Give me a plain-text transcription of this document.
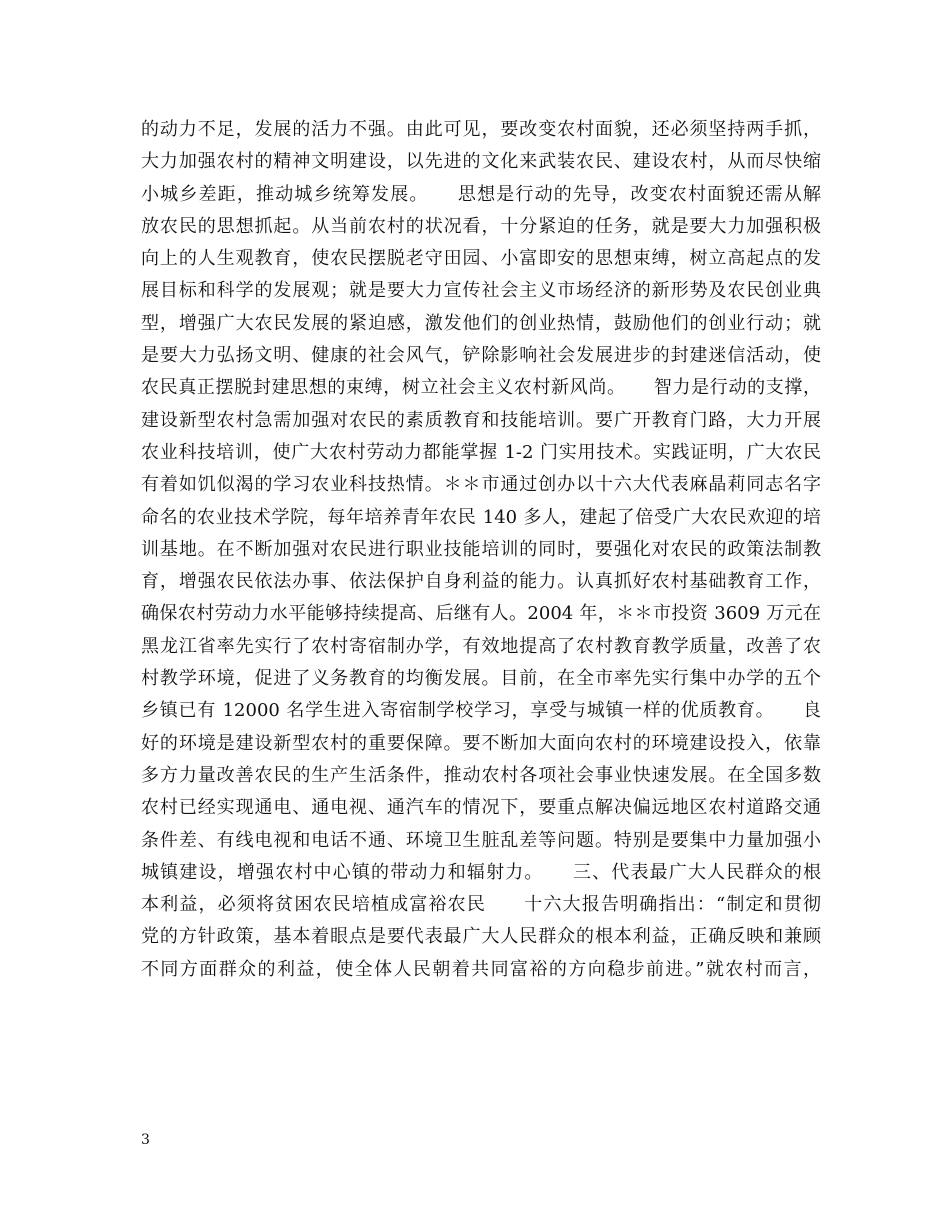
的动力不足，发展的活力不强。由此可见，要改变农村面貌，还必须坚持两手抓，
大力加强农村的精神文明建设，以先进的文化来武装农民、建设农村，从而尽快缩
小城乡差距，推动城乡统筹发展。　　思想是行动的先导，改变农村面貌还需从解
放农民的思想抓起。从当前农村的状况看，十分紧迫的任务，就是要大力加强积极
向上的人生观教育，使农民摆脱老守田园、小富即安的思想束缚，树立高起点的发
展目标和科学的发展观；就是要大力宣传社会主义市场经济的新形势及农民创业典
型，增强广大农民发展的紧迫感，激发他们的创业热情，鼓励他们的创业行动；就
是要大力弘扬文明、健康的社会风气，铲除影响社会发展进步的封建迷信活动，使
农民真正摆脱封建思想的束缚，树立社会主义农村新风尚。　　智力是行动的支撑，
建设新型农村急需加强对农民的素质教育和技能培训。要广开教育门路，大力开展
农业科技培训，使广大农村劳动力都能掌握 1-2 门实用技术。实践证明，广大农民
有着如饥似渴的学习农业科技热情。＊＊市通过创办以十六大代表麻晶莉同志名字
命名的农业技术学院，每年培养青年农民 140 多人，建起了倍受广大农民欢迎的培
训基地。在不断加强对农民进行职业技能培训的同时，要强化对农民的政策法制教
育，增强农民依法办事、依法保护自身利益的能力。认真抓好农村基础教育工作，
确保农村劳动力水平能够持续提高、后继有人。2004 年，＊＊市投资 3609 万元在
黑龙江省率先实行了农村寄宿制办学，有效地提高了农村教育教学质量，改善了农
村教学环境，促进了义务教育的均衡发展。目前，在全市率先实行集中办学的五个
乡镇已有 12000 名学生进入寄宿制学校学习，享受与城镇一样的优质教育。　　良
好的环境是建设新型农村的重要保障。要不断加大面向农村的环境建设投入，依靠
多方力量改善农民的生产生活条件，推动农村各项社会事业快速发展。在全国多数
农村已经实现通电、通电视、通汽车的情况下，要重点解决偏远地区农村道路交通
条件差、有线电视和电话不通、环境卫生脏乱差等问题。特别是要集中力量加强小
城镇建设，增强农村中心镇的带动力和辐射力。　　三、代表最广大人民群众的根
本利益，必须将贫困农民培植成富裕农民　　十六大报告明确指出：“制定和贯彻
党的方针政策，基本着眼点是要代表最广大人民群众的根本利益，正确反映和兼顾
不同方面群众的利益，使全体人民朝着共同富裕的方向稳步前进。”就农村而言，
3
